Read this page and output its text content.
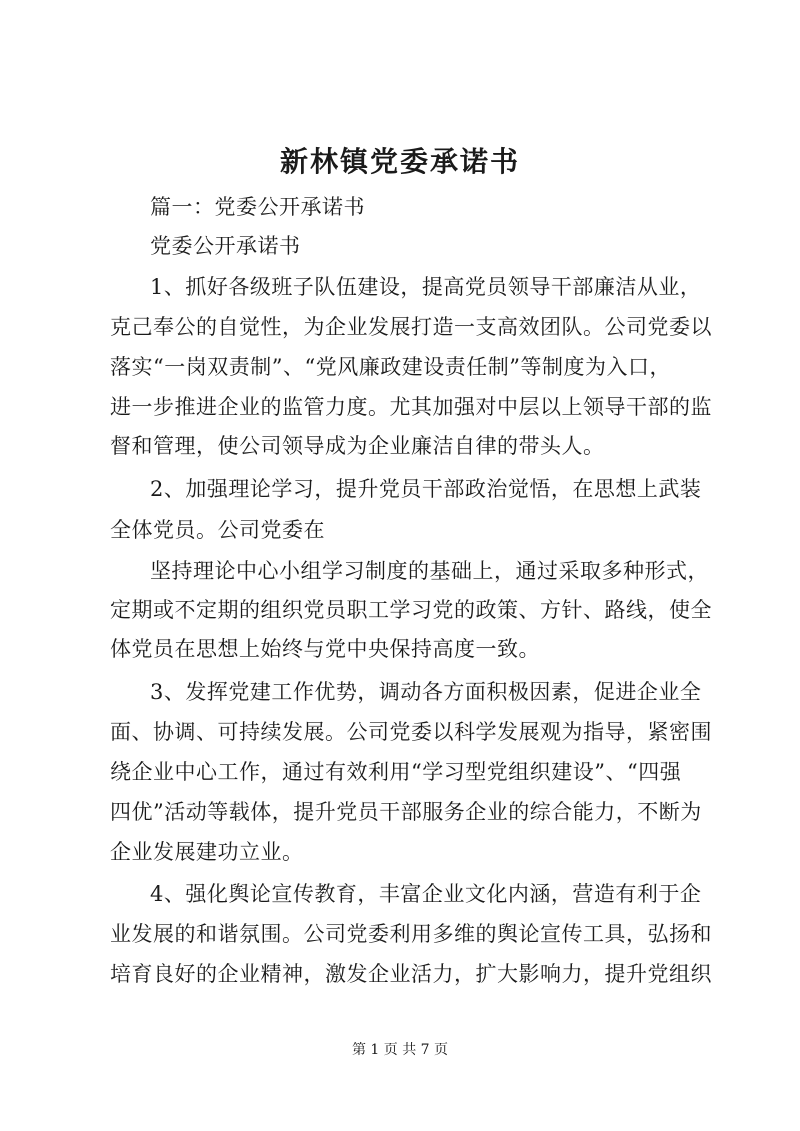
新林镇党委承诺书

篇一：党委公开承诺书

党委公开承诺书

1、抓好各级班子队伍建设，提高党员领导干部廉洁从业，

克己奉公的自觉性，为企业发展打造一支高效团队。公司党委以

落实“一岗双责制”、“党风廉政建设责任制”等制度为入口，

进一步推进企业的监管力度。尤其加强对中层以上领导干部的监

督和管理，使公司领导成为企业廉洁自律的带头人。

2、加强理论学习，提升党员干部政治觉悟，在思想上武装

全体党员。公司党委在

坚持理论中心小组学习制度的基础上，通过采取多种形式，

定期或不定期的组织党员职工学习党的政策、方针、路线，使全

体党员在思想上始终与党中央保持高度一致。

3、发挥党建工作优势，调动各方面积极因素，促进企业全

面、协调、可持续发展。公司党委以科学发展观为指导，紧密围

绕企业中心工作，通过有效利用“学习型党组织建设”、“四强

四优”活动等载体，提升党员干部服务企业的综合能力，不断为

企业发展建功立业。

4、强化舆论宣传教育，丰富企业文化内涵，营造有利于企

业发展的和谐氛围。公司党委利用多维的舆论宣传工具，弘扬和

培育良好的企业精神，激发企业活力，扩大影响力，提升党组织

第 1 页 共 7 页
